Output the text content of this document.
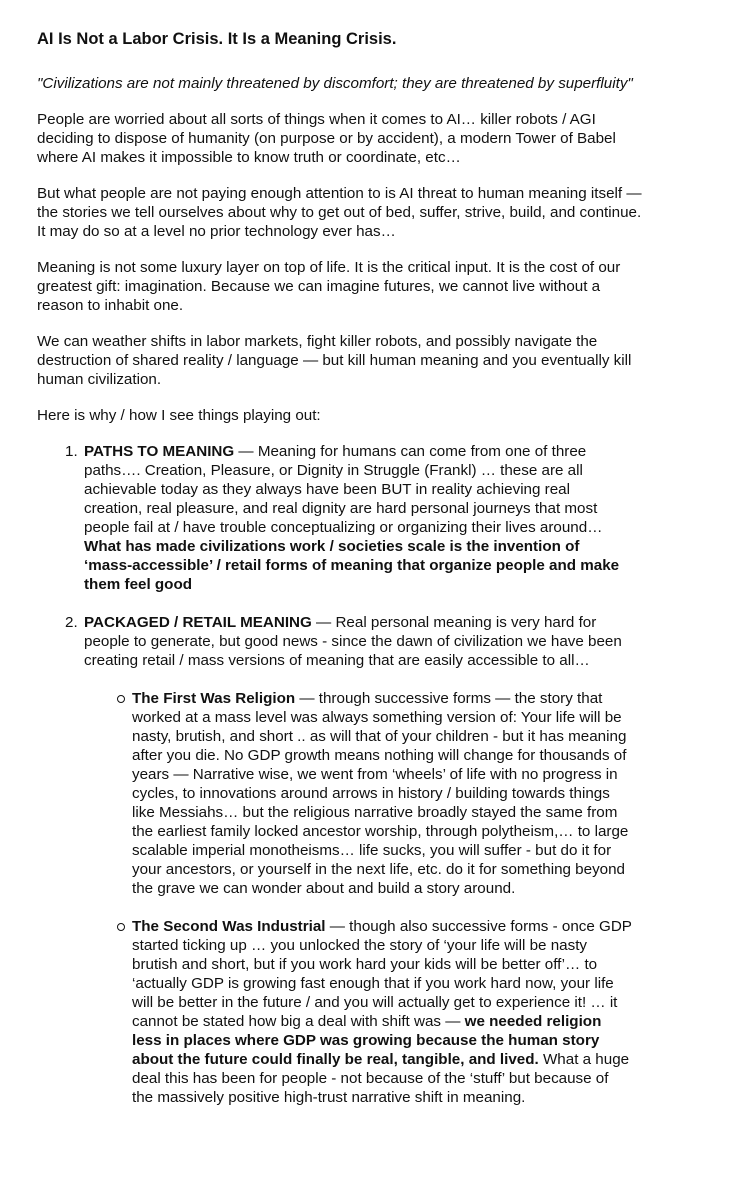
AI Is Not a Labor Crisis. It Is a Meaning Crisis.

"Civilizations are not mainly threatened by discomfort; they are threatened by superfluity"

People are worried about all sorts of things when it comes to AI… killer robots / AGI deciding to dispose of humanity (on purpose or by accident), a modern Tower of Babel where AI makes it impossible to know truth or coordinate, etc…

But what people are not paying enough attention to is AI threat to human meaning itself — the stories we tell ourselves about why to get out of bed, suffer, strive, build, and continue. It may do so at a level no prior technology ever has…

Meaning is not some luxury layer on top of life. It is the critical input. It is the cost of our greatest gift: imagination. Because we can imagine futures, we cannot live without a reason to inhabit one.

We can weather shifts in labor markets, fight killer robots, and possibly navigate the destruction of shared reality / language — but kill human meaning and you eventually kill human civilization.

Here is why / how I see things playing out:

1. PATHS TO MEANING — Meaning for humans can come from one of three paths…. Creation, Pleasure, or Dignity in Struggle (Frankl) … these are all achievable today as they always have been BUT in reality achieving real creation, real pleasure, and real dignity are hard personal journeys that most people fail at / have trouble conceptualizing or organizing their lives around… What has made civilizations work / societies scale is the invention of ‘mass-accessible’ / retail forms of meaning that organize people and make them feel good
2. PACKAGED / RETAIL MEANING — Real personal meaning is very hard for people to generate, but good news - since the dawn of civilization we have been creating retail / mass versions of meaning that are easily accessible to all…
The First Was Religion — through successive forms — the story that worked at a mass level was always something version of: Your life will be nasty, brutish, and short .. as will that of your children - but it has meaning after you die. No GDP growth means nothing will change for thousands of years — Narrative wise, we went from ‘wheels’ of life with no progress in cycles, to innovations around arrows in history / building towards things like Messiahs… but the religious narrative broadly stayed the same from the earliest family locked ancestor worship, through polytheism,… to large scalable imperial monotheisms… life sucks, you will suffer - but do it for your ancestors, or yourself in the next life, etc. do it for something beyond the grave we can wonder about and build a story around.
The Second Was Industrial — though also successive forms - once GDP started ticking up … you unlocked the story of ‘your life will be nasty brutish and short, but if you work hard your kids will be better off’… to ‘actually GDP is growing fast enough that if you work hard now, your life will be better in the future / and you will actually get to experience it! … it cannot be stated how big a deal with shift was — we needed religion less in places where GDP was growing because the human story about the future could finally be real, tangible, and lived. What a huge deal this has been for people - not because of the ‘stuff’ but because of the massively positive high-trust narrative shift in meaning.
